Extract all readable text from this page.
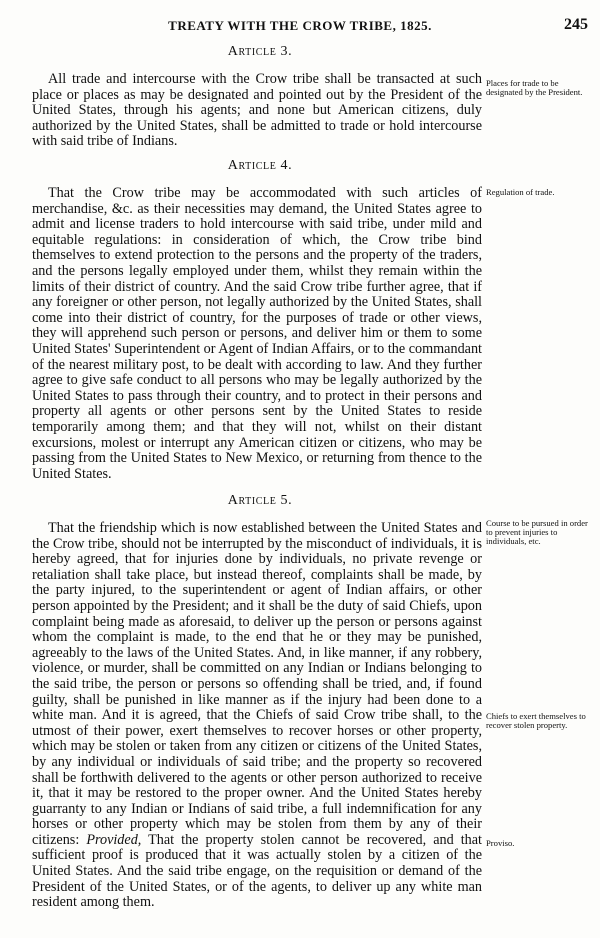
TREATY WITH THE CROW TRIBE, 1825.	245
Article 3.

All trade and intercourse with the Crow tribe shall be transacted at such place or places as may be designated and pointed out by the President of the United States, through his agents; and none but American citizens, duly authorized by the United States, shall be admitted to trade or hold intercourse with said tribe of Indians.

Article 4.

That the Crow tribe may be accommodated with such articles of merchandise, &c. as their necessities may demand, the United States agree to admit and license traders to hold intercourse with said tribe, under mild and equitable regulations: in consideration of which, the Crow tribe bind themselves to extend protection to the persons and the property of the traders, and the persons legally employed under them, whilst they remain within the limits of their district of country. And the said Crow tribe further agree, that if any foreigner or other person, not legally authorized by the United States, shall come into their district of country, for the purposes of trade or other views, they will apprehend such person or persons, and deliver him or them to some United States' Superintendent or Agent of Indian Affairs, or to the commandant of the nearest military post, to be dealt with according to law. And they further agree to give safe conduct to all persons who may be legally authorized by the United States to pass through their country, and to protect in their persons and property all agents or other persons sent by the United States to reside temporarily among them; and that they will not, whilst on their distant excursions, molest or interrupt any American citizen or citizens, who may be passing from the United States to New Mexico, or returning from thence to the United States.

Article 5.

That the friendship which is now established between the United States and the Crow tribe, should not be interrupted by the misconduct of individuals, it is hereby agreed, that for injuries done by individuals, no private revenge or retaliation shall take place, but instead thereof, complaints shall be made, by the party injured, to the superintendent or agent of Indian affairs, or other person appointed by the President; and it shall be the duty of said Chiefs, upon complaint being made as aforesaid, to deliver up the person or persons against whom the complaint is made, to the end that he or they may be punished, agreeably to the laws of the United States. And, in like manner, if any robbery, violence, or murder, shall be committed on any Indian or Indians belonging to the said tribe, the person or persons so offending shall be tried, and, if found guilty, shall be punished in like manner as if the injury had been done to a white man. And it is agreed, that the Chiefs of said Crow tribe shall, to the utmost of their power, exert themselves to recover horses or other property, which may be stolen or taken from any citizen or citizens of the United States, by any individual or individuals of said tribe; and the property so recovered shall be forthwith delivered to the agents or other person authorized to receive it, that it may be restored to the proper owner. And the United States hereby guarranty to any Indian or Indians of said tribe, a full indemnification for any horses or other property which may be stolen from them by any of their citizens: Provided, That the property stolen cannot be recovered, and that sufficient proof is produced that it was actually stolen by a citizen of the United States. And the said tribe engage, on the requisition or demand of the President of the United States, or of the agents, to deliver up any white man resident among them.

Places for trade to be designated by the President.
Regulation of trade.
Course to be pursued in order to prevent injuries to individuals, etc.
Chiefs to exert themselves to recover stolen property.
Proviso.
